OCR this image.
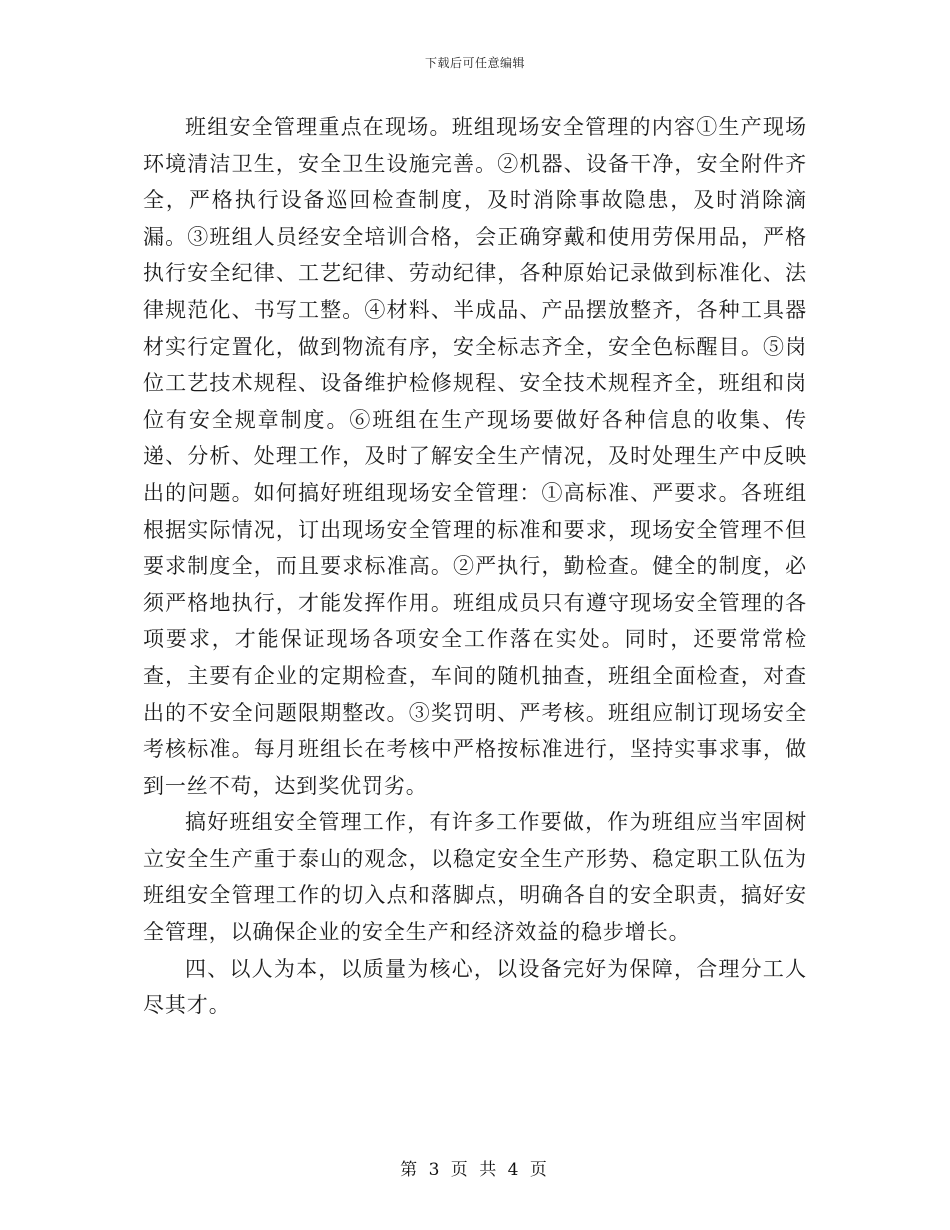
下载后可任意编辑

班组安全管理重点在现场。班组现场安全管理的内容①生产现场环境清洁卫生，安全卫生设施完善。②机器、设备干净，安全附件齐全，严格执行设备巡回检查制度，及时消除事故隐患，及时消除滴漏。③班组人员经安全培训合格，会正确穿戴和使用劳保用品，严格执行安全纪律、工艺纪律、劳动纪律，各种原始记录做到标准化、法律规范化、书写工整。④材料、半成品、产品摆放整齐，各种工具器材实行定置化，做到物流有序，安全标志齐全，安全色标醒目。⑤岗位工艺技术规程、设备维护检修规程、安全技术规程齐全，班组和岗位有安全规章制度。⑥班组在生产现场要做好各种信息的收集、传递、分析、处理工作，及时了解安全生产情况，及时处理生产中反映出的问题。如何搞好班组现场安全管理：①高标准、严要求。各班组根据实际情况，订出现场安全管理的标准和要求，现场安全管理不但要求制度全，而且要求标准高。②严执行，勤检查。健全的制度，必须严格地执行，才能发挥作用。班组成员只有遵守现场安全管理的各项要求，才能保证现场各项安全工作落在实处。同时，还要常常检查，主要有企业的定期检查，车间的随机抽查，班组全面检查，对查出的不安全问题限期整改。③奖罚明、严考核。班组应制订现场安全考核标准。每月班组长在考核中严格按标准进行，坚持实事求事，做到一丝不苟，达到奖优罚劣。

搞好班组安全管理工作，有许多工作要做，作为班组应当牢固树立安全生产重于泰山的观念，以稳定安全生产形势、稳定职工队伍为班组安全管理工作的切入点和落脚点，明确各自的安全职责，搞好安全管理，以确保企业的安全生产和经济效益的稳步增长。

四、以人为本，以质量为核心，以设备完好为保障，合理分工人尽其才。

第 3 页 共 4 页
